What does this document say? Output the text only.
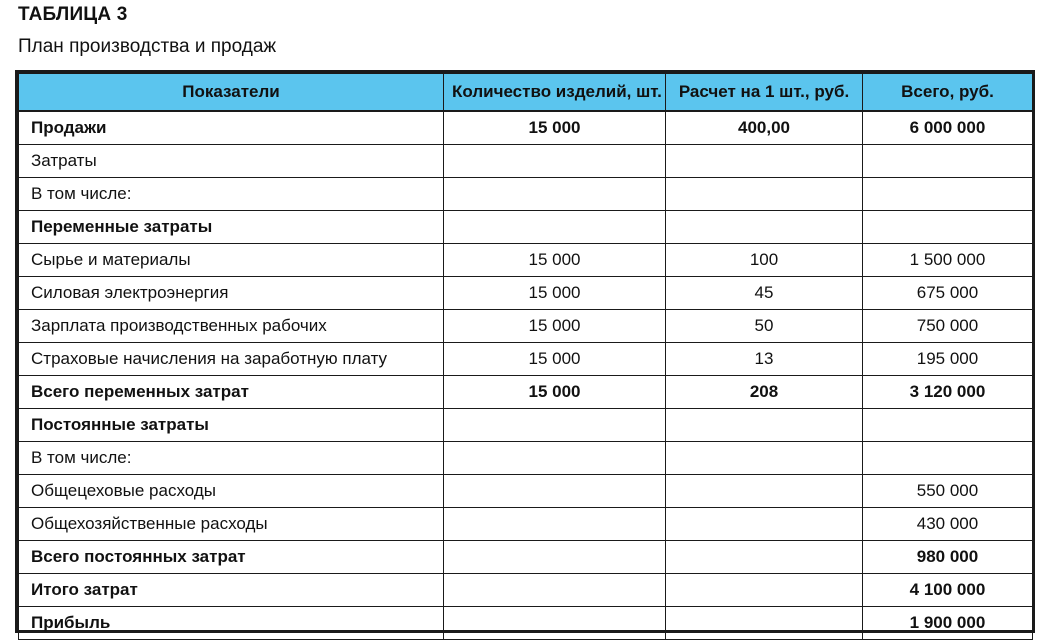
ТАБЛИЦА 3
План производства и продаж
Показатели	Количество изделий, шт.	Расчет на 1 шт., руб.	Всего, руб.
Продажи	15 000	400,00	6 000 000
Затраты			
В том числе:			
Переменные затраты			
Сырье и материалы	15 000	100	1 500 000
Силовая электроэнергия	15 000	45	675 000
Зарплата производственных рабочих	15 000	50	750 000
Страховые начисления на заработную плату	15 000	13	195 000
Всего переменных затрат	15 000	208	3 120 000
Постоянные затраты			
В том числе:			
Общецеховые расходы			550 000
Общехозяйственные расходы			430 000
Всего постоянных затрат			980 000
Итого затрат			4 100 000
Прибыль			1 900 000
